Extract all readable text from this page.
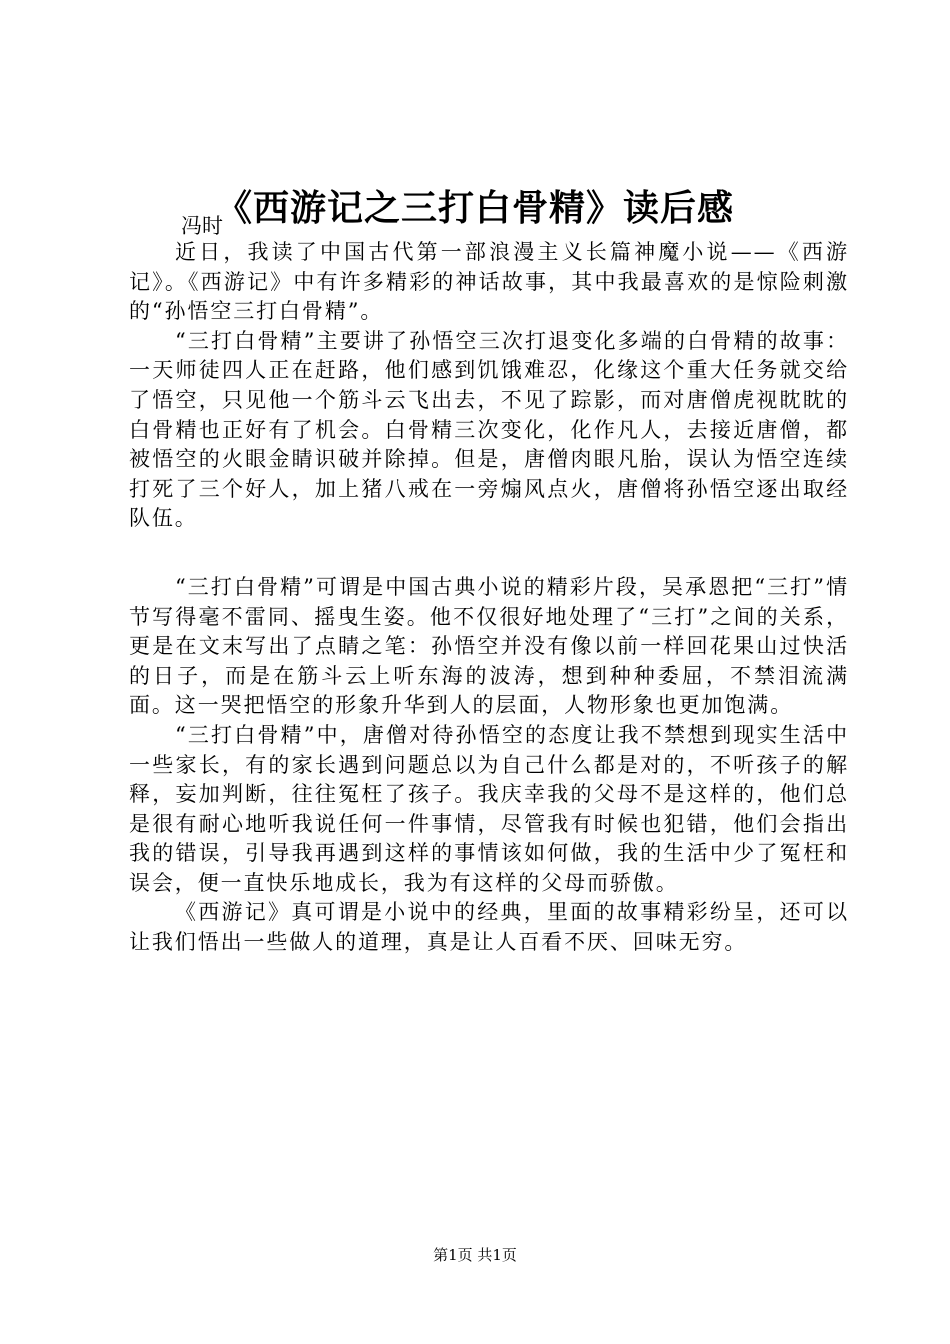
《西游记之三打白骨精》读后感
冯时

近日，我读了中国古代第一部浪漫主义长篇神魔小说——《西游记》。《西游记》中有许多精彩的神话故事，其中我最喜欢的是惊险刺激的“孙悟空三打白骨精”。

“三打白骨精”主要讲了孙悟空三次打退变化多端的白骨精的故事：一天师徒四人正在赶路，他们感到饥饿难忍，化缘这个重大任务就交给了悟空，只见他一个筋斗云飞出去，不见了踪影，而对唐僧虎视眈眈的白骨精也正好有了机会。白骨精三次变化，化作凡人，去接近唐僧，都被悟空的火眼金睛识破并除掉。但是，唐僧肉眼凡胎，误认为悟空连续打死了三个好人，加上猪八戒在一旁煽风点火，唐僧将孙悟空逐出取经队伍。

“三打白骨精”可谓是中国古典小说的精彩片段，吴承恩把“三打”情节写得毫不雷同、摇曳生姿。他不仅很好地处理了“三打”之间的关系，更是在文末写出了点睛之笔：孙悟空并没有像以前一样回花果山过快活的日子，而是在筋斗云上听东海的波涛，想到种种委屈，不禁泪流满面。这一哭把悟空的形象升华到人的层面，人物形象也更加饱满。

“三打白骨精”中，唐僧对待孙悟空的态度让我不禁想到现实生活中一些家长，有的家长遇到问题总以为自己什么都是对的，不听孩子的解释，妄加判断，往往冤枉了孩子。我庆幸我的父母不是这样的，他们总是很有耐心地听我说任何一件事情，尽管我有时候也犯错，他们会指出我的错误，引导我再遇到这样的事情该如何做，我的生活中少了冤枉和误会，便一直快乐地成长，我为有这样的父母而骄傲。

《西游记》真可谓是小说中的经典，里面的故事精彩纷呈，还可以让我们悟出一些做人的道理，真是让人百看不厌、回味无穷。

第1页 共1页
